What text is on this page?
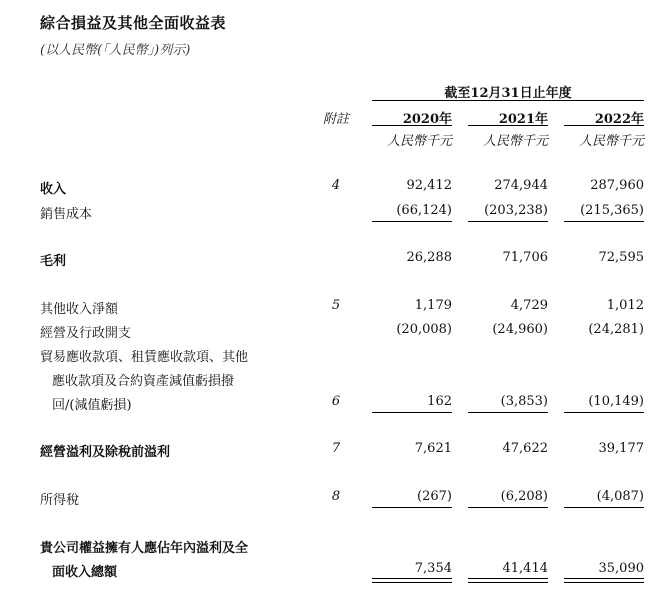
綜合損益及其他全面收益表
(以人民幣(「人民幣」)列示)
截至12月31日止年度
附註	2020年	2021年	2022年
人民幣千元	人民幣千元	人民幣千元
收入	4	92,412	274,944	287,960
銷售成本	(66,124)	(203,238)	(215,365)
毛利	26,288	71,706	72,595
其他收入淨額	5	1,179	4,729	1,012
經營及行政開支	(20,008)	(24,960)	(24,281)
貿易應收款項、租賃應收款項、其他
應收款項及合約資產減值虧損撥
回/(減值虧損)	6	162	(3,853)	(10,149)
經營溢利及除稅前溢利	7	7,621	47,622	39,177
所得稅	8	(267)	(6,208)	(4,087)
貴公司權益擁有人應佔年內溢利及全
面收入總額	7,354	41,414	35,090
